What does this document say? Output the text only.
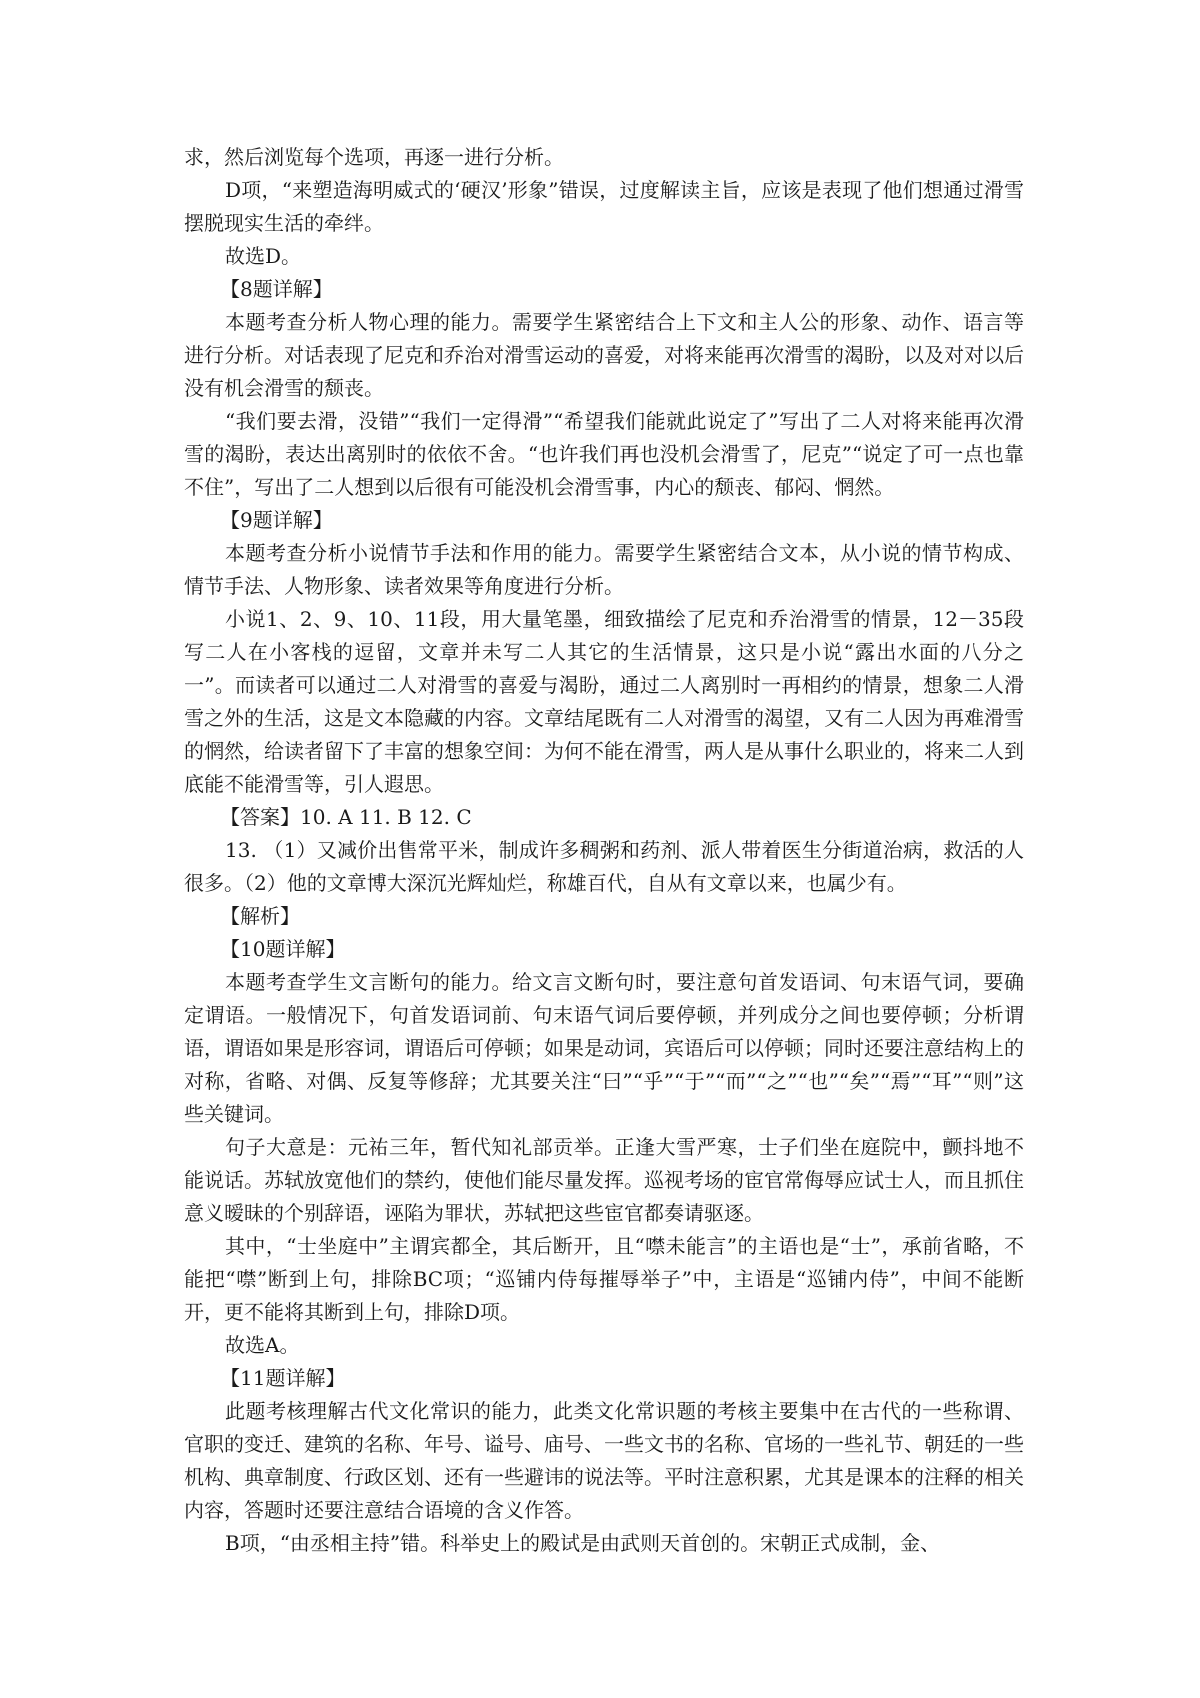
求，然后浏览每个选项，再逐一进行分析。

D项，“来塑造海明威式的‘硬汉’形象”错误，过度解读主旨，应该是表现了他们想通过滑雪摆脱现实生活的牵绊。

故选D。

【8题详解】

本题考查分析人物心理的能力。需要学生紧密结合上下文和主人公的形象、动作、语言等进行分析。对话表现了尼克和乔治对滑雪运动的喜爱，对将来能再次滑雪的渴盼，以及对对以后没有机会滑雪的颓丧。

“我们要去滑，没错”“我们一定得滑”“希望我们能就此说定了”写出了二人对将来能再次滑雪的渴盼，表达出离别时的依依不舍。“也许我们再也没机会滑雪了，尼克”“说定了可一点也靠不住”，写出了二人想到以后很有可能没机会滑雪事，内心的颓丧、郁闷、惘然。

【9题详解】

本题考查分析小说情节手法和作用的能力。需要学生紧密结合文本，从小说的情节构成、情节手法、人物形象、读者效果等角度进行分析。

小说1、2、9、10、11段，用大量笔墨，细致描绘了尼克和乔治滑雪的情景，12－35段写二人在小客栈的逗留，文章并未写二人其它的生活情景，这只是小说“露出水面的八分之一”。而读者可以通过二人对滑雪的喜爱与渴盼，通过二人离别时一再相约的情景，想象二人滑雪之外的生活，这是文本隐藏的内容。文章结尾既有二人对滑雪的渴望，又有二人因为再难滑雪的惘然，给读者留下了丰富的想象空间：为何不能在滑雪，两人是从事什么职业的，将来二人到底能不能滑雪等，引人遐思。

【答案】10. A 11. B 12. C

13. （1）又减价出售常平米，制成许多稠粥和药剂、派人带着医生分街道治病，救活的人很多。（2）他的文章博大深沉光辉灿烂，称雄百代，自从有文章以来，也属少有。

【解析】

【10题详解】

本题考查学生文言断句的能力。给文言文断句时，要注意句首发语词、句末语气词，要确定谓语。一般情况下，句首发语词前、句末语气词后要停顿，并列成分之间也要停顿；分析谓语，谓语如果是形容词，谓语后可停顿；如果是动词，宾语后可以停顿；同时还要注意结构上的对称，省略、对偶、反复等修辞；尤其要关注“曰”“乎”“于”“而”“之”“也”“矣”“焉”“耳”“则”这些关键词。

句子大意是：元祐三年，暂代知礼部贡举。正逢大雪严寒，士子们坐在庭院中，颤抖地不能说话。苏轼放宽他们的禁约，使他们能尽量发挥。巡视考场的宦官常侮辱应试士人，而且抓住意义暧昧的个别辞语，诬陷为罪状，苏轼把这些宦官都奏请驱逐。

其中，“士坐庭中”主谓宾都全，其后断开，且“噤未能言”的主语也是“士”，承前省略，不能把“噤”断到上句，排除BC项；“巡铺内侍每摧辱举子”中，主语是“巡铺内侍”，中间不能断开，更不能将其断到上句，排除D项。

故选A。

【11题详解】

此题考核理解古代文化常识的能力，此类文化常识题的考核主要集中在古代的一些称谓、官职的变迁、建筑的名称、年号、谥号、庙号、一些文书的名称、官场的一些礼节、朝廷的一些机构、典章制度、行政区划、还有一些避讳的说法等。平时注意积累，尤其是课本的注释的相关内容，答题时还要注意结合语境的含义作答。

B项，“由丞相主持”错。科举史上的殿试是由武则天首创的。宋朝正式成制，金、
